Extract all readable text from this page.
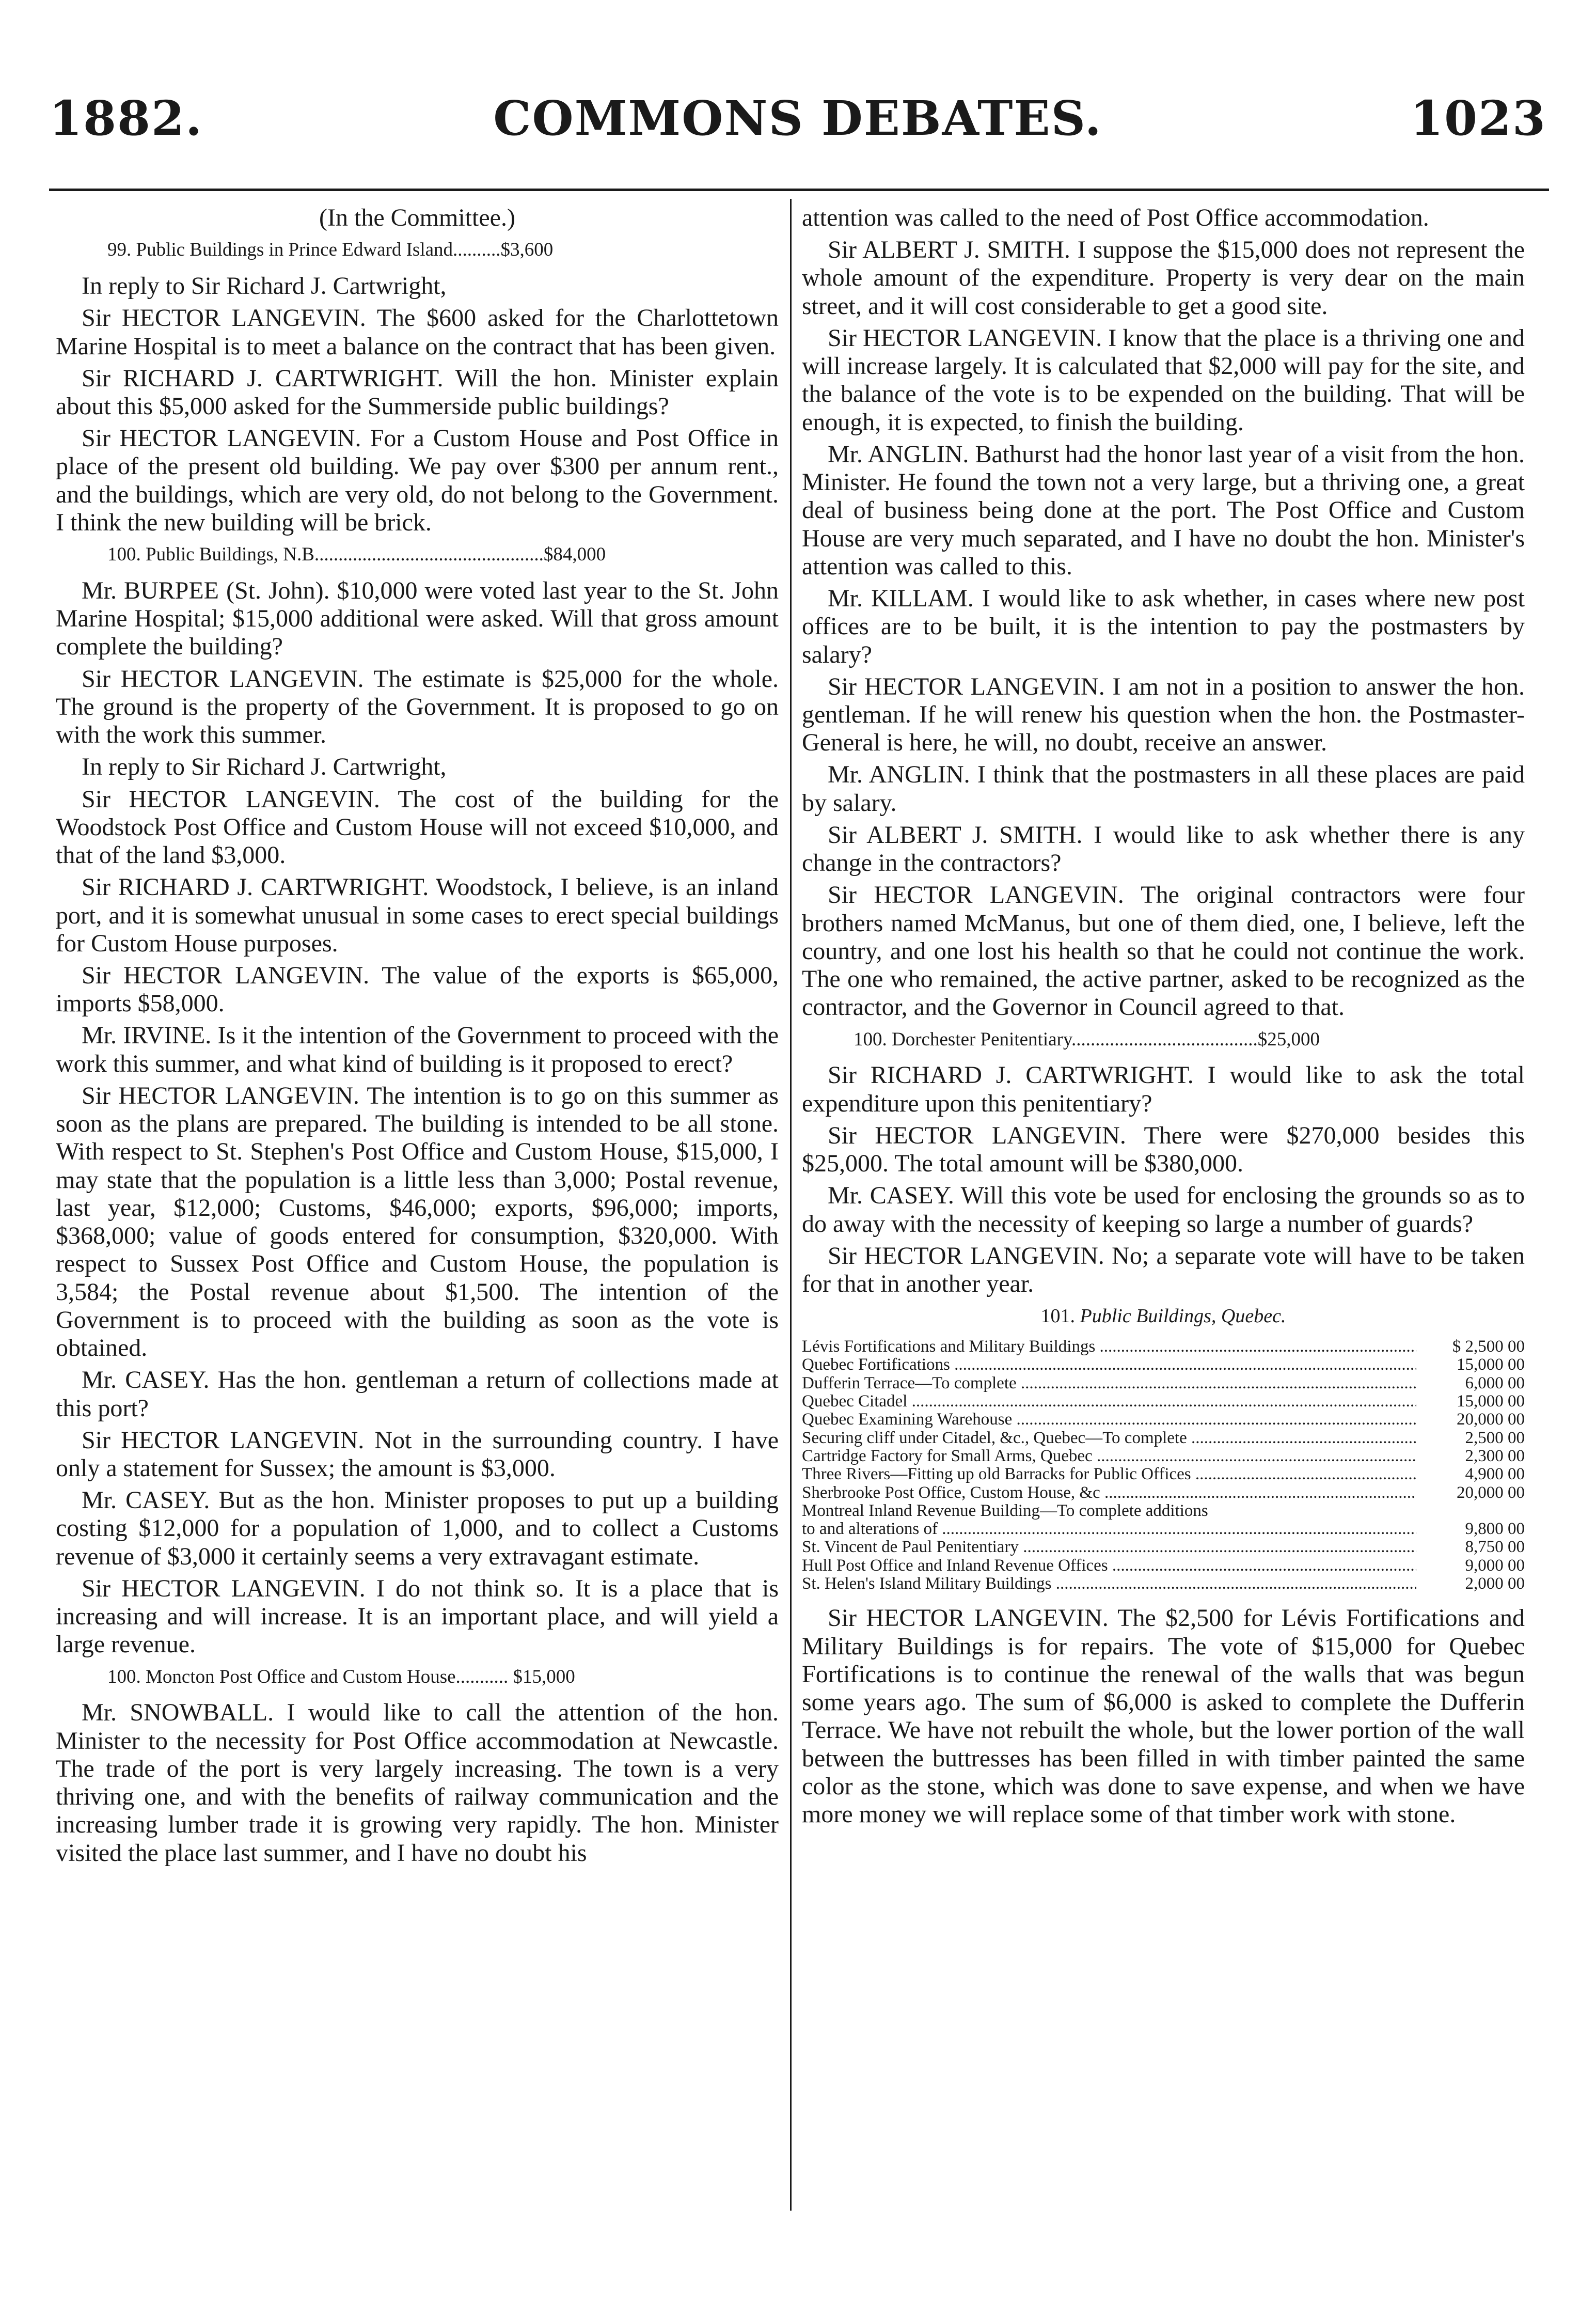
1882.	COMMONS DEBATES.	1023

(In the Committee.)

99. Public Buildings in Prince Edward Island..........$3,600

In reply to Sir Richard J. Cartwright,

Sir HECTOR LANGEVIN. The $600 asked for the Charlottetown Marine Hospital is to meet a balance on the contract that has been given.

Sir RICHARD J. CARTWRIGHT. Will the hon. Minister explain about this $5,000 asked for the Summerside public buildings?

Sir HECTOR LANGEVIN. For a Custom House and Post Office in place of the present old building. We pay over $300 per annum rent., and the buildings, which are very old, do not belong to the Government. I think the new building will be brick.

100. Public Buildings, N.B................................................$84,000

Mr. BURPEE (St. John). $10,000 were voted last year to the St. John Marine Hospital; $15,000 additional were asked. Will that gross amount complete the building?

Sir HECTOR LANGEVIN. The estimate is $25,000 for the whole. The ground is the property of the Government. It is proposed to go on with the work this summer.

In reply to Sir Richard J. Cartwright,

Sir HECTOR LANGEVIN. The cost of the building for the Woodstock Post Office and Custom House will not exceed $10,000, and that of the land $3,000.

Sir RICHARD J. CARTWRIGHT. Woodstock, I believe, is an inland port, and it is somewhat unusual in some cases to erect special buildings for Custom House purposes.

Sir HECTOR LANGEVIN. The value of the exports is $65,000, imports $58,000.

Mr. IRVINE. Is it the intention of the Government to proceed with the work this summer, and what kind of building is it proposed to erect?

Sir HECTOR LANGEVIN. The intention is to go on this summer as soon as the plans are prepared. The building is intended to be all stone. With respect to St. Stephen's Post Office and Custom House, $15,000, I may state that the population is a little less than 3,000; Postal revenue, last year, $12,000; Customs, $46,000; exports, $96,000; imports, $368,000; value of goods entered for consumption, $320,000. With respect to Sussex Post Office and Custom House, the population is 3,584; the Postal revenue about $1,500. The intention of the Government is to proceed with the building as soon as the vote is obtained.

Mr. CASEY. Has the hon. gentleman a return of collections made at this port?

Sir HECTOR LANGEVIN. Not in the surrounding country. I have only a statement for Sussex; the amount is $3,000.

Mr. CASEY. But as the hon. Minister proposes to put up a building costing $12,000 for a population of 1,000, and to collect a Customs revenue of $3,000 it certainly seems a very extravagant estimate.

Sir HECTOR LANGEVIN. I do not think so. It is a place that is increasing and will increase. It is an important place, and will yield a large revenue.

100. Moncton Post Office and Custom House........... $15,000

Mr. SNOWBALL. I would like to call the attention of the hon. Minister to the necessity for Post Office accommodation at Newcastle. The trade of the port is very largely increasing. The town is a very thriving one, and with the benefits of railway communication and the increasing lumber trade it is growing very rapidly. The hon. Minister visited the place last summer, and I have no doubt his

attention was called to the need of Post Office accommodation.

Sir ALBERT J. SMITH. I suppose the $15,000 does not represent the whole amount of the expenditure. Property is very dear on the main street, and it will cost considerable to get a good site.

Sir HECTOR LANGEVIN. I know that the place is a thriving one and will increase largely. It is calculated that $2,000 will pay for the site, and the balance of the vote is to be expended on the building. That will be enough, it is expected, to finish the building.

Mr. ANGLIN. Bathurst had the honor last year of a visit from the hon. Minister. He found the town not a very large, but a thriving one, a great deal of business being done at the port. The Post Office and Custom House are very much separated, and I have no doubt the hon. Minister's attention was called to this.

Mr. KILLAM. I would like to ask whether, in cases where new post offices are to be built, it is the intention to pay the postmasters by salary?

Sir HECTOR LANGEVIN. I am not in a position to answer the hon. gentleman. If he will renew his question when the hon. the Postmaster-General is here, he will, no doubt, receive an answer.

Mr. ANGLIN. I think that the postmasters in all these places are paid by salary.

Sir ALBERT J. SMITH. I would like to ask whether there is any change in the contractors?

Sir HECTOR LANGEVIN. The original contractors were four brothers named McManus, but one of them died, one, I believe, left the country, and one lost his health so that he could not continue the work. The one who remained, the active partner, asked to be recognized as the contractor, and the Governor in Council agreed to that.

100. Dorchester Penitentiary.......................................$25,000

Sir RICHARD J. CARTWRIGHT. I would like to ask the total expenditure upon this penitentiary?

Sir HECTOR LANGEVIN. There were $270,000 besides this $25,000. The total amount will be $380,000.

Mr. CASEY. Will this vote be used for enclosing the grounds so as to do away with the necessity of keeping so large a number of guards?

Sir HECTOR LANGEVIN. No; a separate vote will have to be taken for that in another year.

101. Public Buildings, Quebec.

Lévis Fortifications and Military Buildings .....	$ 2,500 00
Quebec Fortifications .....	15,000 00
Dufferin Terrace—To complete .....	6,000 00
Quebec Citadel .....	15,000 00
Quebec Examining Warehouse .....	20,000 00
Securing cliff under Citadel, &c., Quebec—To complete .....	2,500 00
Cartridge Factory for Small Arms, Quebec .....	2,300 00
Three Rivers—Fitting up old Barracks for Public Offices .....	4,900 00
Sherbrooke Post Office, Custom House, &c .....	20,000 00
Montreal Inland Revenue Building—To complete additions
to and alterations of .....	9,800 00
St. Vincent de Paul Penitentiary .....	8,750 00
Hull Post Office and Inland Revenue Offices .....	9,000 00
St. Helen's Island Military Buildings .....	2,000 00

Sir HECTOR LANGEVIN. The $2,500 for Lévis Fortifications and Military Buildings is for repairs. The vote of $15,000 for Quebec Fortifications is to continue the renewal of the walls that was begun some years ago. The sum of $6,000 is asked to complete the Dufferin Terrace. We have not rebuilt the whole, but the lower portion of the wall between the buttresses has been filled in with timber painted the same color as the stone, which was done to save expense, and when we have more money we will replace some of that timber work with stone.
